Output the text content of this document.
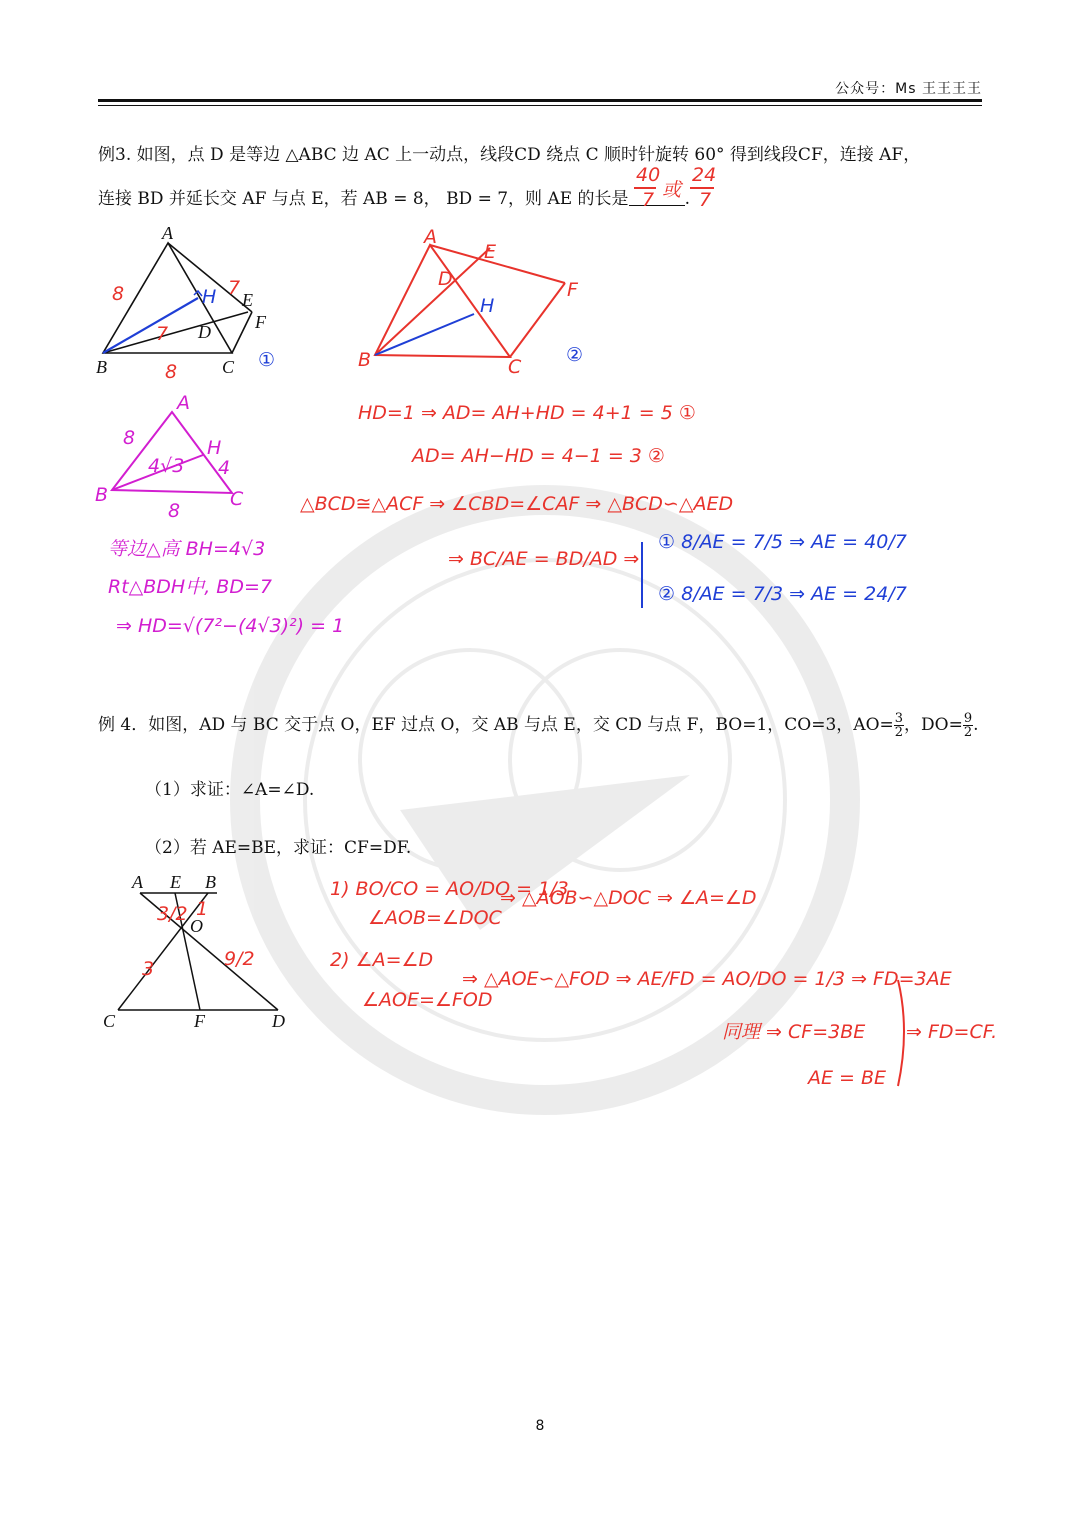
公众号：Ms 王王王王
例3. 如图，点 D 是等边 △ABC 边 AC 上一动点，线段CD 绕点 C 顺时针旋转 60° 得到线段CF，连接 AF，
连接 BD 并延长交 AF 与点 E，若 AB = 8， BD = 7，则 AE 的长是	.
例 4．如图，AD 与 BC 交于点 O，EF 过点 O，交 AB 与点 E，交 CD 与点 F，BO=1，CO=3，$AO= \frac{3}{2}$ ，$DO= \frac{9}{2}$ .
（1）求证：∠A=∠D.
（2）若 AE=BE，求证：CF=DF.
8
40
7 或
24
7
A
B	C
D
E
F
H
8
8
7
7
①
A
E
F
D
H
B	C
②
A
B	C
H
8
8
4
4√3
等边△高 BH=4√3
Rt△BDH中, BD=7
⇒ HD=√(7²−(4√3)²) = 1
HD=1 ⇒ AD= AH+HD = 4+1 = 5 ①
AD= AH−HD = 4−1 = 3 ②
△BCD≅△ACF ⇒ ∠CBD=∠CAF ⇒ △BCD∽△AED
⇒ BC/AE = BD/AD ⇒
① 8/AE = 7/5 ⇒ AE = 40/7
② 8/AE = 7/3 ⇒ AE = 24/7
A E B
O
C	F	D
3/2 1
3	9/2
1) BO/CO = AO/DO = 1/3
∠AOB=∠DOC
⇒ △AOB∽△DOC ⇒ ∠A=∠D
2) ∠A=∠D
∠AOE=∠FOD
⇒ △AOE∽△FOD ⇒ AE/FD = AO/DO = 1/3 ⇒ FD=3AE
同理 ⇒ CF=3BE
AE = BE
⇒ FD=CF.
